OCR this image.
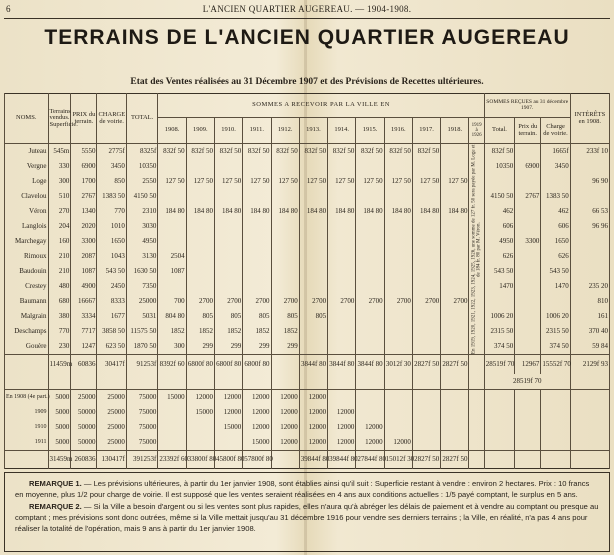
6	L'ANCIEN QUARTIER AUGEREAU. — 1904-1908.
TERRAINS DE L'ANCIEN QUARTIER AUGEREAU
Etat des Ventes réalisées au 31 Décembre 1907 et des Prévisions de Recettes ultérieures.
NOMS.	Terrains vendus. Superficie.	PRIX du terrain.	CHARGE de voirie.	TOTAL.	SOMMES A RECEVOIR PAR LA VILLE EN												SOMMES REÇUES au 31 décembre 1907.			INTÉRÊTS en 1908.
					1908.	1909.	1910.	1911.	1912.	1913.	1914.	1915.	1916.	1917.	1918.	1919 à 1926	Total.	Prix du terrain.	Charge de voirie.	
Juteau	545m	5550	2775f	8325f	832f 50	832f 50	832f 50	832f 50	832f 50	832f 50	832f 50	832f 50	832f 50	832f 50		En 1919, 1920, 1921, 1922, 1923, 1924, 1925, 1926, une somme de 127 fr. 50 sera payée par M. Loge et de 184 fr. 80 par M. Véron.	832f 50		1665f	233f 10
Vergne	330	6900	3450	10350													10350	6900	3450	
Loge	300	1700	850	2550	127 50	127 50	127 50	127 50	127 50	127 50	127 50	127 50	127 50	127 50	127 50					96 90
Clavelou	510	2767	1383 50	4150 50													4150 50	2767	1383 50	
Véron	270	1340	770	2310	184 80	184 80	184 80	184 80	184 80	184 80	184 80	184 80	184 80	184 80	184 80		462		462	66 53
Langlois	204	2020	1010	3030													606		606	96 96
Marchegay	160	3300	1650	4950													4950	3300	1650	
Rimoux	210	2087	1043	3130	2504												626		626	
Baudouin	210	1087	543 50	1630 50	1087												543 50		543 50	
Crestey	480	4900	2450	7350													1470		1470	235 20
Baumann	680	16667	8333	25000	700	2700	2700	2700	2700	2700	2700	2700	2700	2700	2700					810
Malgrain	380	3334	1677	5031	804 80	805	805	805	805	805							1006 20		1006 20	161
Deschamps	770	7717	3858 50	11575 50	1852	1852	1852	1852	1852								2315 50		2315 50	370 40
Gouère	230	1247	623 50	1870 50	300	299	299	299	299								374 50		374 50	59 84
	11459m	60836	30417f	91253f	8392f 60	6800f 80	6800f 80	6800f 80		3844f 80	3844f 80	3844f 80	3012f 30	2827f 50	2827f 50		28519f 70	12967	15552f 70	2129f 93
																	28519f 70			
En 1908 (4e part.)	5000	25000	25000	75000	15000	12000	12000	12000	12000	12000										
1909	5000	50000	25000	75000		15000	12000	12000	12000	12000	12000									
1910	5000	50000	25000	75000			15000	12000	12000	12000	12000	12000								
1911	5000	50000	25000	75000				15000	12000	12000	12000	12000	12000							
	31459m	260836	130417f	391253f	23392f 60	33800f 80	45800f 80	57800f 80		39844f 80	39844f 80	27844f 80	15012f 30	2827f 50	2827f 50					

REMARQUE 1. — Les prévisions ultérieures, à partir du 1er janvier 1908, sont établies ainsi qu'il suit : Superficie restant à vendre : environ 2 hectares. Prix : 10 francs en moyenne, plus 1/2 pour charge de voirie. Il est supposé que les ventes seraient réalisées en 4 ans aux conditions actuelles : 1/5 payé comptant, le surplus en 5 ans.

REMARQUE 2. — Si la Ville a besoin d'argent ou si les ventes sont plus rapides, elles n'aura qu'à abréger les délais de paiement et à vendre au comptant ou presque au comptant ; mes prévisions sont donc outrées, même si la Ville mettait jusqu'au 31 décembre 1916 pour vendre ses derniers terrains ; la Ville, en réalité, n'a pas 4 ans pour réaliser la totalité de l'opération, mais 9 ans à partir du 1er janvier 1908.
